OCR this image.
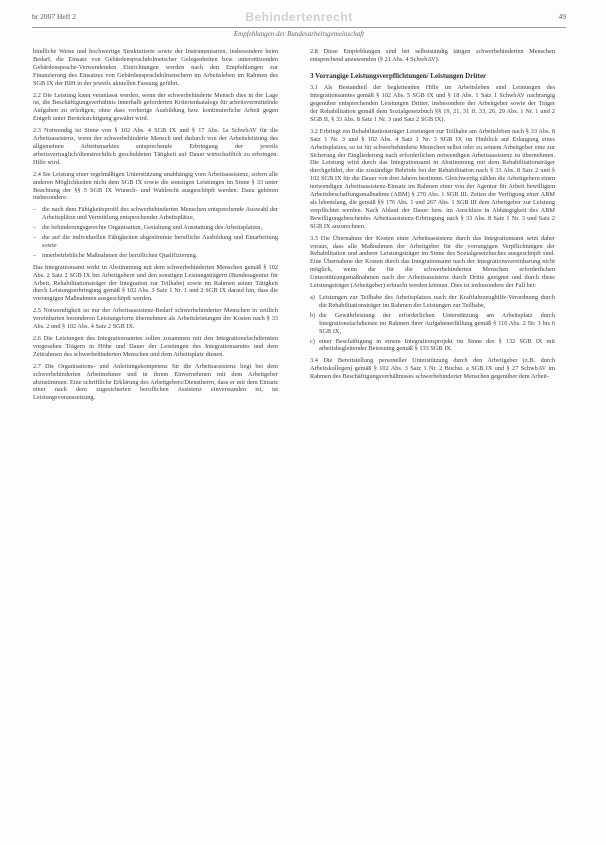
br 2007 Heft 2	Behindertenrecht	49
Empfehlungen der Bundesarbeitsgemeinschaft

bindliche Weise und hochwertige Strukturierte sowie der Instrumentarien, insbesondere beim Bedarf, die Einsatz von Gebärdensprachdolmetscher Gelegenheiten bzw. unterstützenden Gebärdensprache-Verwendenden Einrichtungen werden nach den Empfehlungen zur Finanzierung des Einsatzes von Gebärdensprachdolmetschern im Arbeitsleben im Rahmen des SGB IX der BIH in der jeweils aktuellen Fassung geführt.

2.2 Die Leistung kann veranlasst werden, wenn der schwerbehinderte Mensch dies in der Lage ist, die Beschäftigungsverhältnis innerhalb geforderten Kriterienkatalogs für arbeitsvermittelnde Aufgaben zu erledigen, ohne dass vorherige Ausbildung bzw. kontinuierliche Arbeit gegen Entgelt unter Berücksichtigung gewährt wird.

2.3 Notwendig ist Sinne von § 102 Abs. 4 SGB IX und § 17 Abs. 1a SchwbAV für die Arbeitsassistenz, wenn der schwerbehinderte Mensch und dadurch von der Arbeitsleistung des allgemeinen Arbeitsmarktes entsprechende Erbringung der jeweils arbeitsvertraglich/dienstrechtlich geschuldeten Tätigkeit auf Dauer wirtschaftlich zu erbringen. Hilfe wird.

2.4 Sie Leistung einer regelmäßigen Unterstützung unabhängig vom Arbeitsassistenz, sofern alle anderen Möglichkeiten nicht dem SGB IX sowie die sonstigen Leistungen im Sinne § 33 unter Beachtung der §§ 5 SGB IX Wunsch- und Wahlrecht ausgeschöpft werden. Dazu gehören insbesondere:

– die nach dem Fähigkeitsprofil des schwerbehinderten Menschen entsprechende Auswahl der Arbeitsplätze und Vermittlung entsprechender Arbeitsplätze,
– die behinderungsgerechte Organisation, Gestaltung und Ausstattung des Arbeitsplatzes,
– die auf die individuellen Fähigkeiten abgestimmte berufliche Ausbildung und Einarbeitung sowie
– innerbetriebliche Maßnahmen der beruflichen Qualifizierung.

Das Integrationsamt wirkt in Abstimmung mit dem schwerbehinderten Menschen gemäß § 102 Abs. 2 Satz 2 SGB IX bei Arbeitgebern und den sonstigen Leistungsträgern (Bundesagentur für Arbeit, Rehabilitationsträger der Integration zur Teilhabe) sowie im Rahmen seiner Tätigkeit durch Leistungserbringung gemäß § 102 Abs. 3 Satz 1 Nr. 1 und 2 SGB IX darauf hin, dass die vorrangigen Maßnahmen ausgeschöpft werden.

2.5 Notwendigkeit ist nur der Arbeitsassistenz-Bedarf schwerbehinderter Menschen in zeitlich vereinbarten besonderen Leistungsform übernehmen als Arbeitsleistungen der Kosten nach § 33 Abs. 2 und § 102 Abs. 4 Satz 2 SGB IX.

2.6 Die Leistungen des Integrationsamtes sollen zusammen mit den Integrationsfachdiensten vorgesehen Trägern in Höhe und Dauer der Leistungen des Integrationsamtes und dem Zeitrahmen des schwerbehinderten Menschen und dem Arbeitsplatz dienen.

2.7 Die Organisations- und Anleitungskompetenz für die Arbeitsassistenz liegt bei dem schwerbehinderten Arbeitnehmer und in ihrem Einvernehmen mit dem Arbeitgeber abzustimmen. Eine schriftliche Erklärung des Arbeitgebers/Dienstherrn, dass er mit dem Einsatz einer nach dem zugesicherten beruflichen Assistenz einverstanden ist, ist Leistungsvoraussetzung.

2.8 Diese Empfehlungen sind bei selbstständig tätigen schwerbehinderten Menschen entsprechend anzuwenden (§ 21 Abs. 4 SchwbAV).

3 Vorrangige Leistungsverpflichtungen/ Leistungen Dritter

3.1 Als Bestandteil der begleitenden Hilfe im Arbeitsleben sind Leistungen des Integrationsamtes gemäß § 102 Abs. 5 SGB IX und § 18 Abs. 1 Satz 1 SchwbAV nachrangig gegenüber entsprechenden Leistungen Dritter, insbesondere der Arbeitgeber sowie der Träger der Rehabilitation gemäß dem Sozialgesetzbuch §§ 19, 21, 31 ff. 33, 26, 29 Abs. 1 Nr. 1 und 2 SGB II, § 33 Abs. 8 Satz 1 Nr. 3 und Satz 2 SGB IX).

3.2 Erbringt ein Rehabilitationsträger Leistungen zur Teilhabe am Arbeitsleben nach § 33 Abs. 8 Satz 1 Nr. 3 und § 102 Abs. 4 Satz 1 Nr. 3 SGB IX im Hinblick auf Erlangung eines Arbeitsplatzes, so ist für schwerbehinderte Menschen selbst oder zu seinem Arbeitgeber eine zur Sicherung der Eingliederung nach erforderlichen notwendigen Arbeitsassistenz zu übernehmen. Die Leistung wird durch das Integrationsamt in Abstimmung mit dem Rehabilitationsträger durchgeführt, der die zuständige Behörde bei der Rehabilitation nach § 33 Abs. 8 Satz 2 und § 102 SGB IX für die Dauer von drei Jahren bestimmt. Gleichwertig zählen die Arbeitgebern einen notwendigen Arbeitsassistenz-Einsatz im Rahmen einer von der Agentur für Arbeit bewilligten Arbeitsbeschaffungsmaßnahme (ABM) § 270 Abs. 1 SGB III. Zeiten der Verfügung einer ABM als lebenslang, die gemäß §§ 176 Abs. 1 und 267 Abs. 1 SGB III dem Arbeitgeber zur Leistung verpflichtet werden. Nach Ablauf der Dauer bzw. im Anschluss in Abhängigkeit des ABM Bewilligungsbescheides Arbeitsassistenz-Erbringung nach § 33 Abs. 8 Satz 1 Nr. 3 und Satz 2 SGB IX anzurechnen.

3.3 Die Übernahme der Kosten einer Arbeitsassistenz durch das Integrationsamt setzt daher voraus, dass alle Maßnahmen der Arbeitgeber für die vorrangigen Verpflichtungen der Rehabilitation und anderer Leistungsträger im Sinne des Sozialgesetzbuches ausgeschöpft sind. Eine Übernahme der Kosten durch das Integrationsamt nach der Integrationsvereinbarung nicht möglich, wenn die für die schwerbehinderten Menschen erforderlichen Unterstützungsmaßnahmen nach der Arbeitsassistenz durch Dritte geeignet und durch diese Leistungsträger (Arbeitgeber) erbracht werden können. Dies ist insbesondere der Fall bei:

a) Leistungen zur Teilhabe des Arbeitsplatzes nach der Kraftfahrzeughilfe-Verordnung durch die Rehabilitationsträger im Rahmen der Leistungen zur Teilhabe,
b) die Gewährleistung der erforderlichen Unterstützung am Arbeitsplatz durch Integrationsfachdienste im Rahmen ihrer Aufgabenerfüllung gemäß § 110 Abs. 2 Nr. 3 bis 6 SGB IX,
c) einer Beschäftigung in einem Integrationsprojekt im Sinne des § 132 SGB IX mit arbeitsbegleitender Betreuung gemäß § 133 SGB IX.

3.4 Die Bereitstellung personeller Unterstützung durch den Arbeitgeber (z.B. durch Arbeitskollegen) gemäß § 102 Abs. 3 Satz 1 Nr. 2 Buchst. a SGB IX und § 27 SchwbAV im Rahmen des Beschäftigungsverhältnisses schwerbehinderter Menschen gegenüber dem Arbeit-
